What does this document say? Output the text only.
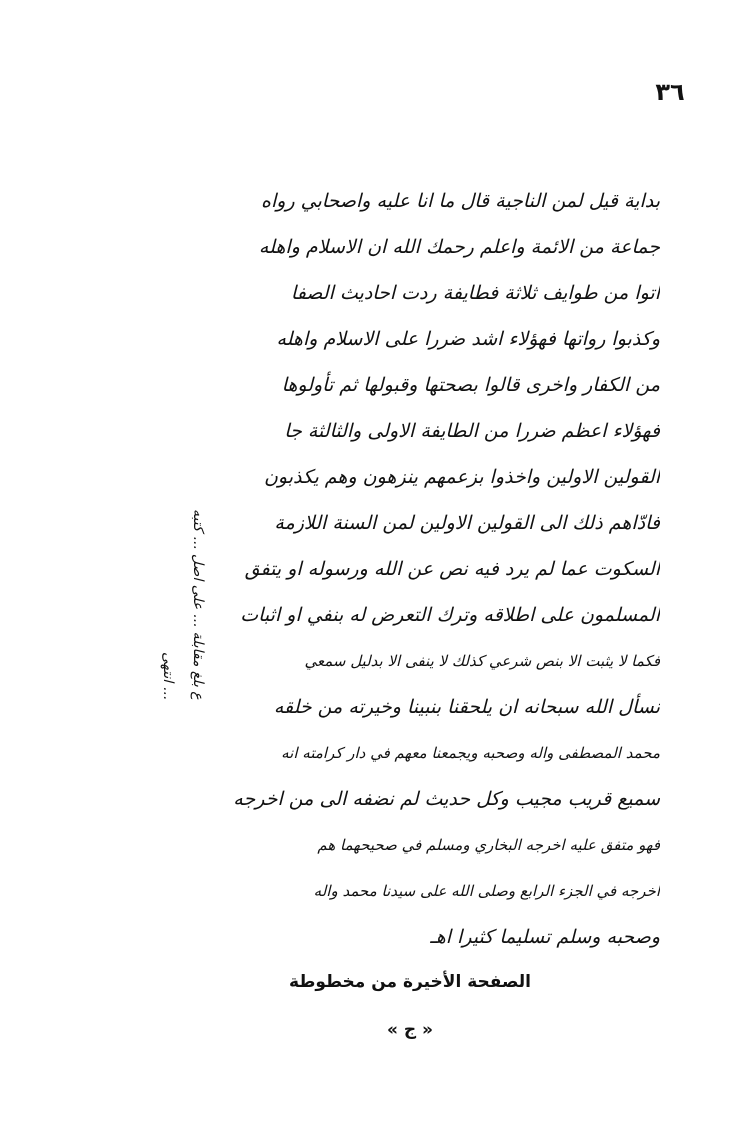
٣٦
ع بلغ مقابلة ... على اصل ... كتبه
... انتهى
بداية قيل لمن الناجية قال ما انا عليه واصحابي رواه
جماعة من الائمة واعلم رحمك الله ان الاسلام واهله
اتوا من طوايف ثلاثة فطايفة ردت احاديث الصفا
وكذبوا رواتها فهؤلاء اشد ضررا على الاسلام واهله
من الكفار واخرى قالوا بصحتها وقبولها ثم تأولوها
فهؤلاء اعظم ضررا من الطايفة الاولى والثالثة جا
القولين الاولين واخذوا بزعمهم ينزهون وهم يكذبون
فادّاهم ذلك الى القولين الاولين لمن السنة اللازمة
السكوت عما لم يرد فيه نص عن الله ورسوله او يتفق
المسلمون على اطلاقه وترك التعرض له بنفي او اثبات
فكما لا يثبت الا بنص شرعي كذلك لا ينفى الا بدليل سمعي
نسأل الله سبحانه ان يلحقنا بنبينا وخيرته من خلقه
محمد المصطفى واله وصحبه ويجمعنا معهم في دار كرامته انه
سميع قريب مجيب وكل حديث لم نضفه الى من اخرجه
فهو متفق عليه اخرجه البخاري ومسلم في صحيحهما هم
اخرجه في الجزء الرابع وصلى الله على سيدنا محمد واله
وصحبه وسلم تسليما كثيرا اهـ
الصفحة الأخيرة من مخطوطة
« ج »
